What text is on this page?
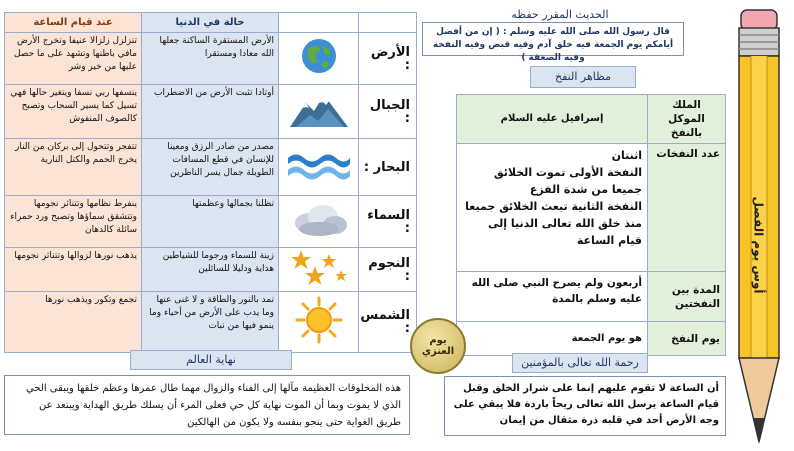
		حالة في الدنيا	عند قيام الساعة
الأرض :		الأرض المستقرة الساكنة جعلها الله معادا ومستقرا	تتزلزل زلزالا عنيفا وتخرج الأرض مافي باطنها وتشهد على ما حصل عليها من خير وشر
الجبال :		أوتادا تثبت الأرض من الاضطراب	ينسفها ربي نسفا ويتغير حالها فهي تسيل كما يسير السحاب وتصبح كالصوف المنفوش
البحار :		مصدر من صادر الرزق ومعينا للإنسان في قطع المسافات الطويلة جمال يسر الناظرين	تتفجر وتتحول إلى بركان من النار يخرج الحمم والكتل النارية
السماء :		تظلنا بجمالها وعظمتها	ينفرط نظامها وتتناثر نجومها وتتشقق سماؤها وتصبح ورد حمراء سائلة كالدهان
النجوم :		زينة للسماء ورجوما للشياطين هداية ودليلا للسائلين	يذهب نورها لزوالها وتتناثر نجومها
الشمس :		تمد بالنور والطاقة و لا غنى عنها وما يدب على الأرض من أحياء وما ينمو فيها من نبات	تجمع وتكور ويذهب نورها
الحديث المقرر حفظه
قال رسول الله صلى الله عليه وسلم : ( إن من أفضل أيامكم يوم الجمعة فيه خلق آدم وفيه قبض وفيه النفخة وفيه الصعقة )
مظاهر النفخ
الملك الموكل بالنفخ	إسرافيل عليه السلام
عدد النفخات	اثنتان
النفخة الأولى تموت الخلائق جميعا من شدة الفزع
النفخة الثانية تبعث الخلائق جميعا منذ خلق الله تعالى الدنيا إلى قيام الساعة
المدة بين النفختين	أربعون ولم يصرح النبي صلى الله عليه وسلم بالمدة
يوم النفخ	هو يوم الجمعة
أوس يوم الفصل
يوم العنزي
نهاية العالم
هذه المخلوقات العظيمة مآلها إلى الفناء والزوال مهما طال عمرها وعظم خلقها ويبقى الحي الذي لا يموت وبما أن الموت نهاية كل حي فعلى المرء أن يسلك طريق الهداية ويبتعد عن طريق الغواية حتى ينجو بنفسه ولا يكون من الهالكين
رحمة الله تعالى بالمؤمنين
أن الساعة لا تقوم عليهم إنما على شرار الخلق وقبل قيام الساعة يرسل الله تعالى ريحاً باردة فلا يبقي على وجه الأرض أحد في قلبه ذرة مثقال من إيمان
